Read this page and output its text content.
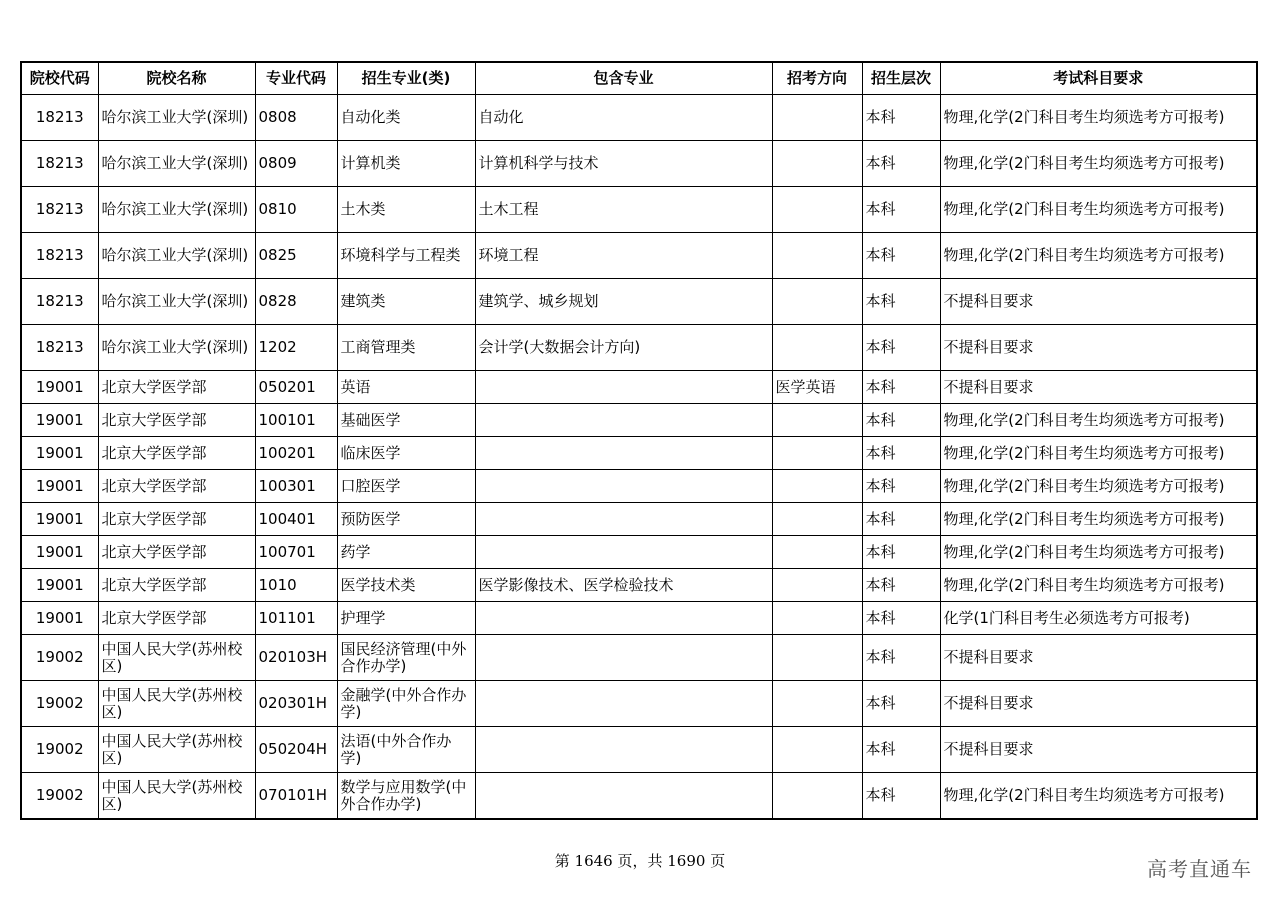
院校代码	院校名称	专业代码	招生专业(类)	包含专业	招考方向	招生层次	考试科目要求
18213	哈尔滨工业大学(深圳)	0808	自动化类	自动化		本科	物理,化学(2门科目考生均须选考方可报考)
18213	哈尔滨工业大学(深圳)	0809	计算机类	计算机科学与技术		本科	物理,化学(2门科目考生均须选考方可报考)
18213	哈尔滨工业大学(深圳)	0810	土木类	土木工程		本科	物理,化学(2门科目考生均须选考方可报考)
18213	哈尔滨工业大学(深圳)	0825	环境科学与工程类	环境工程		本科	物理,化学(2门科目考生均须选考方可报考)
18213	哈尔滨工业大学(深圳)	0828	建筑类	建筑学、城乡规划		本科	不提科目要求
18213	哈尔滨工业大学(深圳)	1202	工商管理类	会计学(大数据会计方向)		本科	不提科目要求
19001	北京大学医学部	050201	英语		医学英语	本科	不提科目要求
19001	北京大学医学部	100101	基础医学			本科	物理,化学(2门科目考生均须选考方可报考)
19001	北京大学医学部	100201	临床医学			本科	物理,化学(2门科目考生均须选考方可报考)
19001	北京大学医学部	100301	口腔医学			本科	物理,化学(2门科目考生均须选考方可报考)
19001	北京大学医学部	100401	预防医学			本科	物理,化学(2门科目考生均须选考方可报考)
19001	北京大学医学部	100701	药学			本科	物理,化学(2门科目考生均须选考方可报考)
19001	北京大学医学部	1010	医学技术类	医学影像技术、医学检验技术		本科	物理,化学(2门科目考生均须选考方可报考)
19001	北京大学医学部	101101	护理学			本科	化学(1门科目考生必须选考方可报考)
19002	中国人民大学(苏州校区)	020103H	国民经济管理(中外合作办学)			本科	不提科目要求
19002	中国人民大学(苏州校区)	020301H	金融学(中外合作办学)			本科	不提科目要求
19002	中国人民大学(苏州校区)	050204H	法语(中外合作办学)			本科	不提科目要求
19002	中国人民大学(苏州校区)	070101H	数学与应用数学(中外合作办学)			本科	物理,化学(2门科目考生均须选考方可报考)
第 1646 页，共 1690 页	高考直通车
